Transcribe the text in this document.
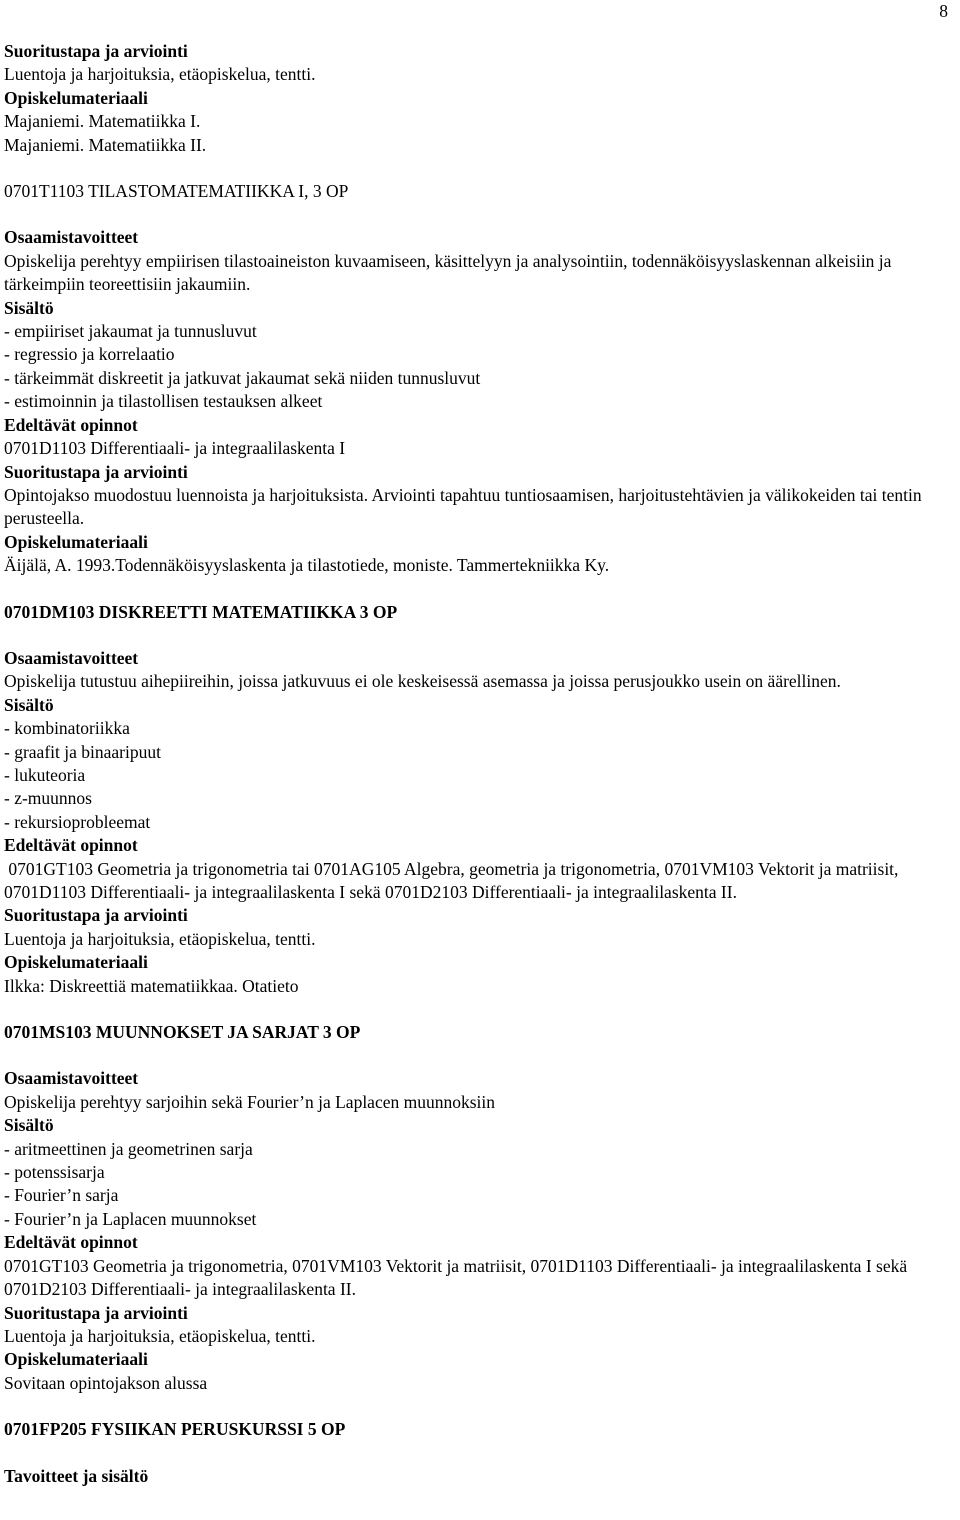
8
Suoritustapa ja arviointi
Luentoja ja harjoituksia, etäopiskelua, tentti.
Opiskelumateriaali
Majaniemi. Matematiikka I.
Majaniemi. Matematiikka II.
0701T1103 TILASTOMATEMATIIKKA I, 3 OP
Osaamistavoitteet
Opiskelija perehtyy empiirisen tilastoaineiston kuvaamiseen, käsittelyyn ja analysointiin, todennäköisyyslaskennan alkeisiin ja tärkeimpiin teoreettisiin jakaumiin.
Sisältö
- empiiriset jakaumat ja tunnusluvut
- regressio ja korrelaatio
- tärkeimmät diskreetit ja jatkuvat jakaumat sekä niiden tunnusluvut
- estimoinnin ja tilastollisen testauksen alkeet
Edeltävät opinnot
0701D1103 Differentiaali- ja integraalilaskenta I
Suoritustapa ja arviointi
Opintojakso muodostuu luennoista ja harjoituksista. Arviointi tapahtuu tuntiosaamisen, harjoitustehtävien ja välikokeiden tai tentin perusteella.
Opiskelumateriaali
Äijälä, A. 1993.Todennäköisyyslaskenta ja tilastotiede, moniste. Tammertekniikka Ky.
0701DM103 DISKREETTI MATEMATIIKKA 3 OP
Osaamistavoitteet
Opiskelija tutustuu aihepiireihin, joissa jatkuvuus ei ole keskeisessä asemassa ja joissa perusjoukko usein on äärellinen.
Sisältö
- kombinatoriikka
- graafit ja binaaripuut
- lukuteoria
- z-muunnos
- rekursioprobleemat
Edeltävät opinnot
0701GT103 Geometria ja trigonometria tai 0701AG105 Algebra, geometria ja trigonometria, 0701VM103 Vektorit ja matriisit, 0701D1103 Differentiaali- ja integraalilaskenta I sekä 0701D2103 Differentiaali- ja integraalilaskenta II.
Suoritustapa ja arviointi
Luentoja ja harjoituksia, etäopiskelua, tentti.
Opiskelumateriaali
Ilkka: Diskreettiä matematiikkaa. Otatieto
0701MS103 MUUNNOKSET JA SARJAT 3 OP
Osaamistavoitteet
Opiskelija perehtyy sarjoihin sekä Fourier’n ja Laplacen muunnoksiin
Sisältö
- aritmeettinen ja geometrinen sarja
- potenssisarja
- Fourier’n sarja
- Fourier’n ja Laplacen muunnokset
Edeltävät opinnot
0701GT103 Geometria ja trigonometria, 0701VM103 Vektorit ja matriisit, 0701D1103 Differentiaali- ja integraalilaskenta I sekä 0701D2103 Differentiaali- ja integraalilaskenta II.
Suoritustapa ja arviointi
Luentoja ja harjoituksia, etäopiskelua, tentti.
Opiskelumateriaali
Sovitaan opintojakson alussa
0701FP205 FYSIIKAN PERUSKURSSI 5 OP
Tavoitteet ja sisältö
